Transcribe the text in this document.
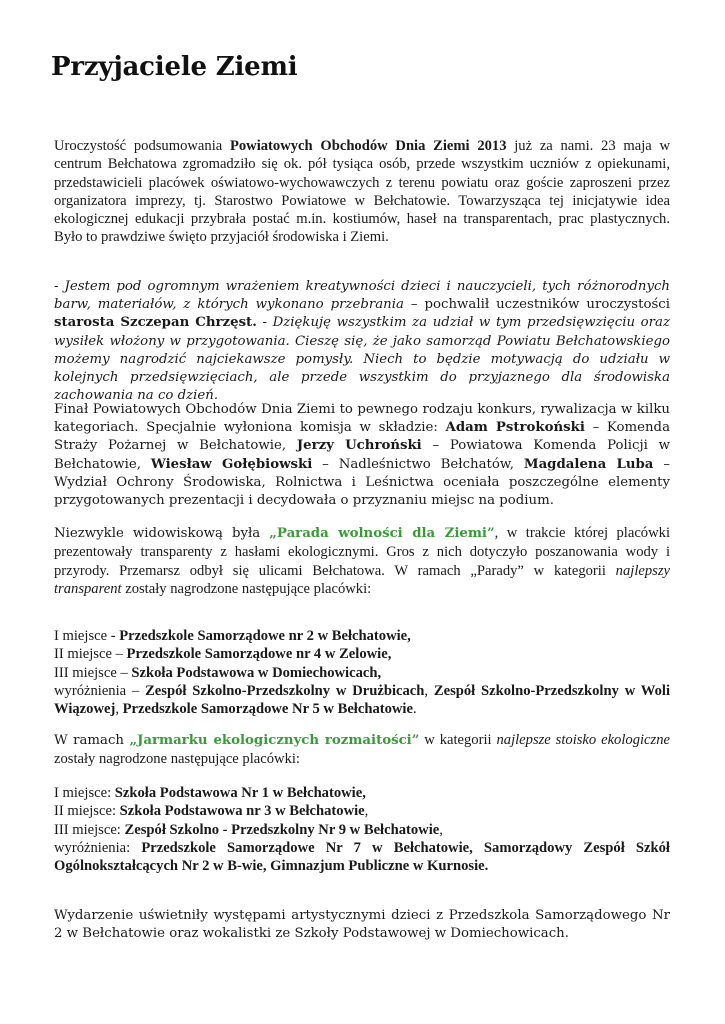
Przyjaciele Ziemi

Uroczystość podsumowania Powiatowych Obchodów Dnia Ziemi 2013 już za nami. 23 maja w centrum Bełchatowa zgromadziło się ok. pół tysiąca osób, przede wszystkim uczniów z opiekunami, przedstawicieli placówek oświatowo-wychowawczych z terenu powiatu oraz goście zaproszeni przez organizatora imprezy, tj. Starostwo Powiatowe w Bełchatowie. Towarzysząca tej inicjatywie idea ekologicznej edukacji przybrała postać m.in. kostiumów, haseł na transparentach, prac plastycznych. Było to prawdziwe święto przyjaciół środowiska i Ziemi.

- Jestem pod ogromnym wrażeniem kreatywności dzieci i nauczycieli, tych różnorodnych barw, materiałów, z których wykonano przebrania – pochwalił uczestników uroczystości starosta Szczepan Chrzęst. - Dziękuję wszystkim za udział w tym przedsięwzięciu oraz wysiłek włożony w przygotowania. Cieszę się, że jako samorząd Powiatu Bełchatowskiego możemy nagrodzić najciekawsze pomysły. Niech to będzie motywacją do udziału w kolejnych przedsięwzięciach, ale przede wszystkim do przyjaznego dla środowiska zachowania na co dzień.

Finał Powiatowych Obchodów Dnia Ziemi to pewnego rodzaju konkurs, rywalizacja w kilku kategoriach. Specjalnie wyłoniona komisja w składzie: Adam Pstrokoński – Komenda Straży Pożarnej w Bełchatowie, Jerzy Uchroński – Powiatowa Komenda Policji w Bełchatowie, Wiesław Gołębiowski – Nadleśnictwo Bełchatów, Magdalena Luba – Wydział Ochrony Środowiska, Rolnictwa i Leśnictwa oceniała poszczególne elementy przygotowanych prezentacji i decydowała o przyznaniu miejsc na podium.

Niezwykle widowiskową była „Parada wolności dla Ziemi”, w trakcie której placówki prezentowały transparenty z hasłami ekologicznymi. Gros z nich dotyczyło poszanowania wody i przyrody. Przemarsz odbył się ulicami Bełchatowa. W ramach „Parady” w kategorii najlepszy transparent zostały nagrodzone następujące placówki:

I miejsce - Przedszkole Samorządowe nr 2 w Bełchatowie,
II miejsce – Przedszkole Samorządowe nr 4 w Zelowie,
III miejsce – Szkoła Podstawowa w Domiechowicach,

wyróżnienia – Zespół Szkolno-Przedszkolny w Drużbicach, Zespół Szkolno-Przedszkolny w Woli Wiązowej, Przedszkole Samorządowe Nr 5 w Bełchatowie.

W ramach „Jarmarku ekologicznych rozmaitości” w kategorii najlepsze stoisko ekologiczne zostały nagrodzone następujące placówki:

I miejsce: Szkoła Podstawowa Nr 1 w Bełchatowie,
II miejsce: Szkoła Podstawowa nr 3 w Bełchatowie,
III miejsce: Zespół Szkolno - Przedszkolny Nr 9 w Bełchatowie,

wyróżnienia: Przedszkole Samorządowe Nr 7 w Bełchatowie, Samorządowy Zespół Szkół Ogólnokształcących Nr 2 w B-wie, Gimnazjum Publiczne w Kurnosie.

Wydarzenie uświetniły występami artystycznymi dzieci z Przedszkola Samorządowego Nr 2 w Bełchatowie oraz wokalistki ze Szkoły Podstawowej w Domiechowicach.
